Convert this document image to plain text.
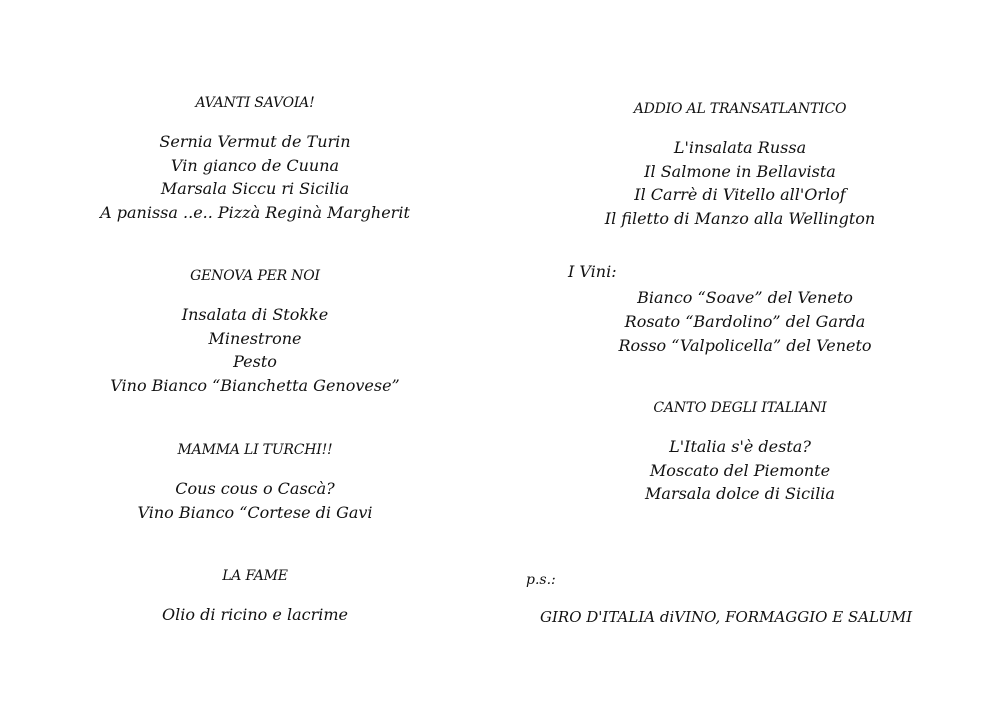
AVANTI SAVOIA!
Sernia Vermut de Turin
Vin gianco de Cuuna
Marsala Siccu ri Sicilia
A panissa ..e.. Pizzà Reginà Margherit
GENOVA PER NOI
Insalata di Stokke
Minestrone
Pesto
Vino Bianco “Bianchetta Genovese”
MAMMA LI TURCHI!!
Cous cous o Cascà?
Vino Bianco “Cortese di Gavi
LA FAME
Olio di ricino e lacrime
ADDIO AL TRANSATLANTICO
L'insalata Russa
Il Salmone in Bellavista
Il Carrè di Vitello all'Orlof
Il filetto di Manzo alla Wellington
CANTO DEGLI ITALIANI
L'Italia s'è desta?
Moscato del Piemonte
Marsala dolce di Sicilia
I Vini:
Bianco “Soave” del Veneto
Rosato “Bardolino” del Garda
Rosso “Valpolicella” del Veneto
p.s.:
GIRO D'ITALIA diVINO, FORMAGGIO E SALUMI
